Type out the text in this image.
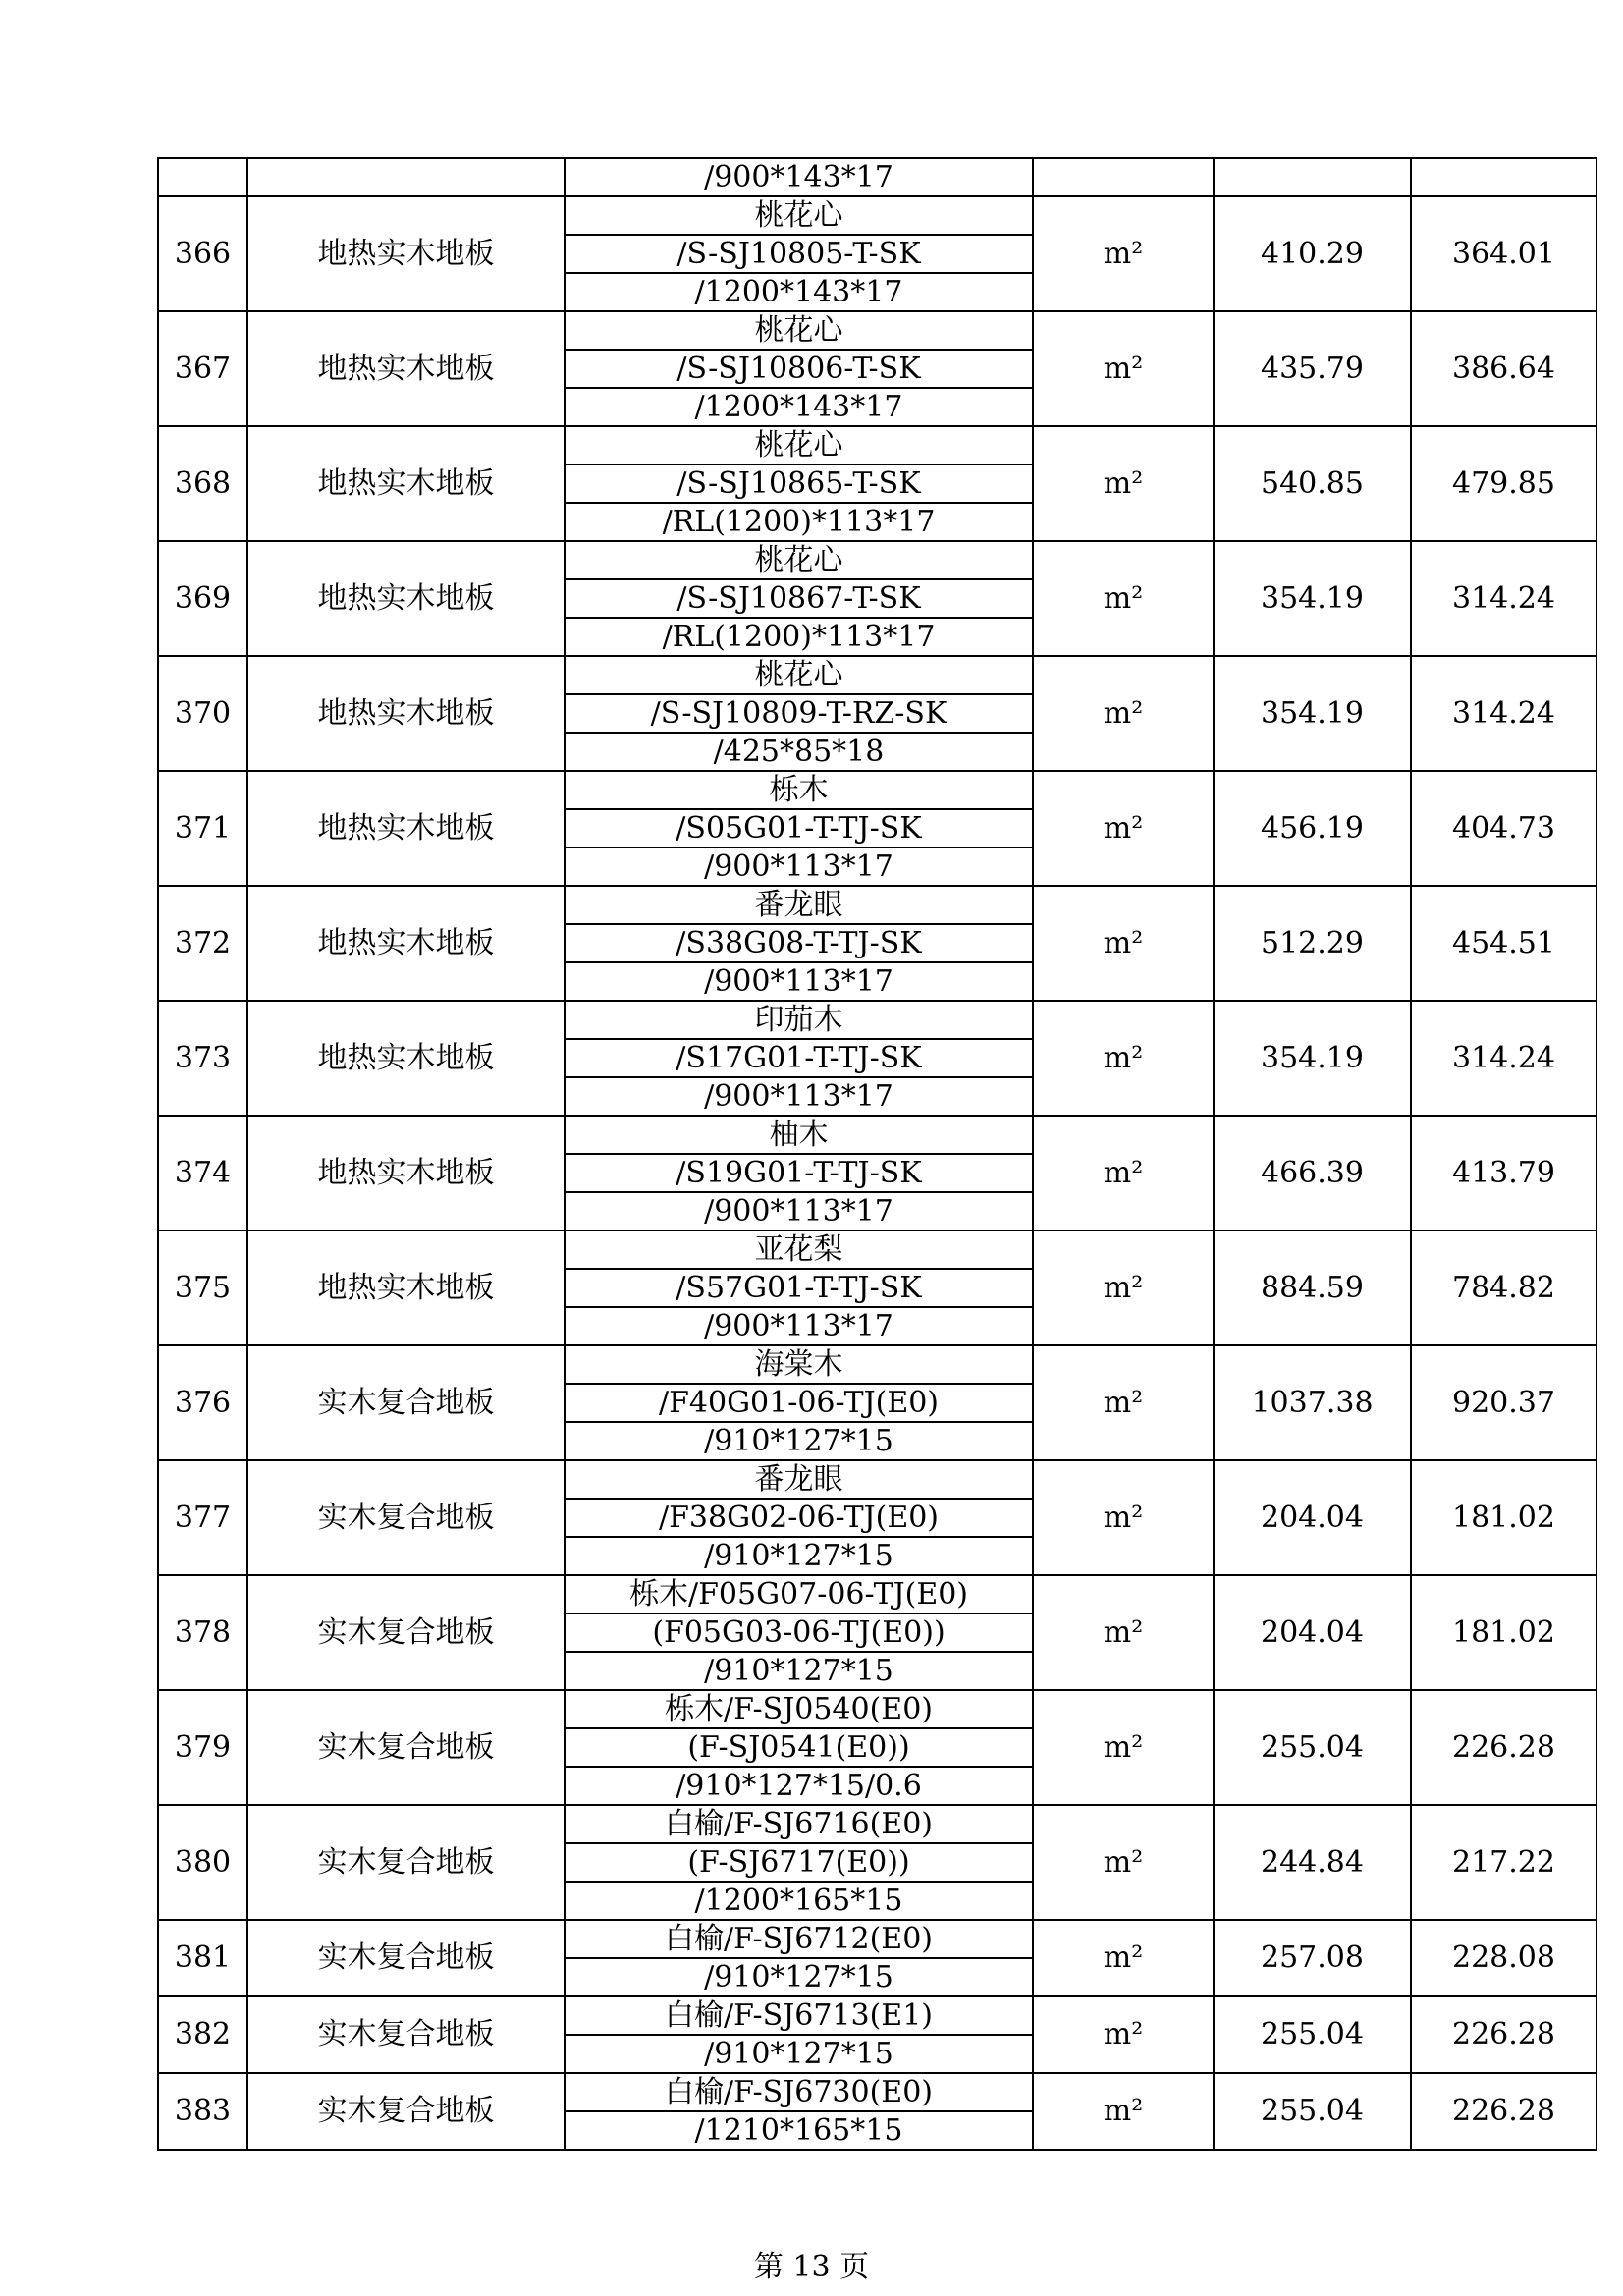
		/900*143*17			
366	地热实木地板	桃花心	m²	410.29	364.01
		/S-SJ10805-T-SK			
		/1200*143*17			
367	地热实木地板	桃花心	m²	435.79	386.64
		/S-SJ10806-T-SK			
		/1200*143*17			
368	地热实木地板	桃花心	m²	540.85	479.85
		/S-SJ10865-T-SK			
		/RL(1200)*113*17			
369	地热实木地板	桃花心	m²	354.19	314.24
		/S-SJ10867-T-SK			
		/RL(1200)*113*17			
370	地热实木地板	桃花心	m²	354.19	314.24
		/S-SJ10809-T-RZ-SK			
		/425*85*18			
371	地热实木地板	栎木	m²	456.19	404.73
		/S05G01-T-TJ-SK			
		/900*113*17			
372	地热实木地板	番龙眼	m²	512.29	454.51
		/S38G08-T-TJ-SK			
		/900*113*17			
373	地热实木地板	印茄木	m²	354.19	314.24
		/S17G01-T-TJ-SK			
		/900*113*17			
374	地热实木地板	柚木	m²	466.39	413.79
		/S19G01-T-TJ-SK			
		/900*113*17			
375	地热实木地板	亚花梨	m²	884.59	784.82
		/S57G01-T-TJ-SK			
		/900*113*17			
376	实木复合地板	海棠木	m²	1037.38	920.37
		/F40G01-06-TJ(E0)			
		/910*127*15			
377	实木复合地板	番龙眼	m²	204.04	181.02
		/F38G02-06-TJ(E0)			
		/910*127*15			
378	实木复合地板	栎木/F05G07-06-TJ(E0)	m²	204.04	181.02
		(F05G03-06-TJ(E0))			
		/910*127*15			
379	实木复合地板	栎木/F-SJ0540(E0)	m²	255.04	226.28
		(F-SJ0541(E0))			
		/910*127*15/0.6			
380	实木复合地板	白榆/F-SJ6716(E0)	m²	244.84	217.22
		(F-SJ6717(E0))			
		/1200*165*15			
381	实木复合地板	白榆/F-SJ6712(E0)	m²	257.08	228.08
		/910*127*15			
382	实木复合地板	白榆/F-SJ6713(E1)	m²	255.04	226.28
		/910*127*15			
383	实木复合地板	白榆/F-SJ6730(E0)	m²	255.04	226.28
		/1210*165*15			
第 13 页
